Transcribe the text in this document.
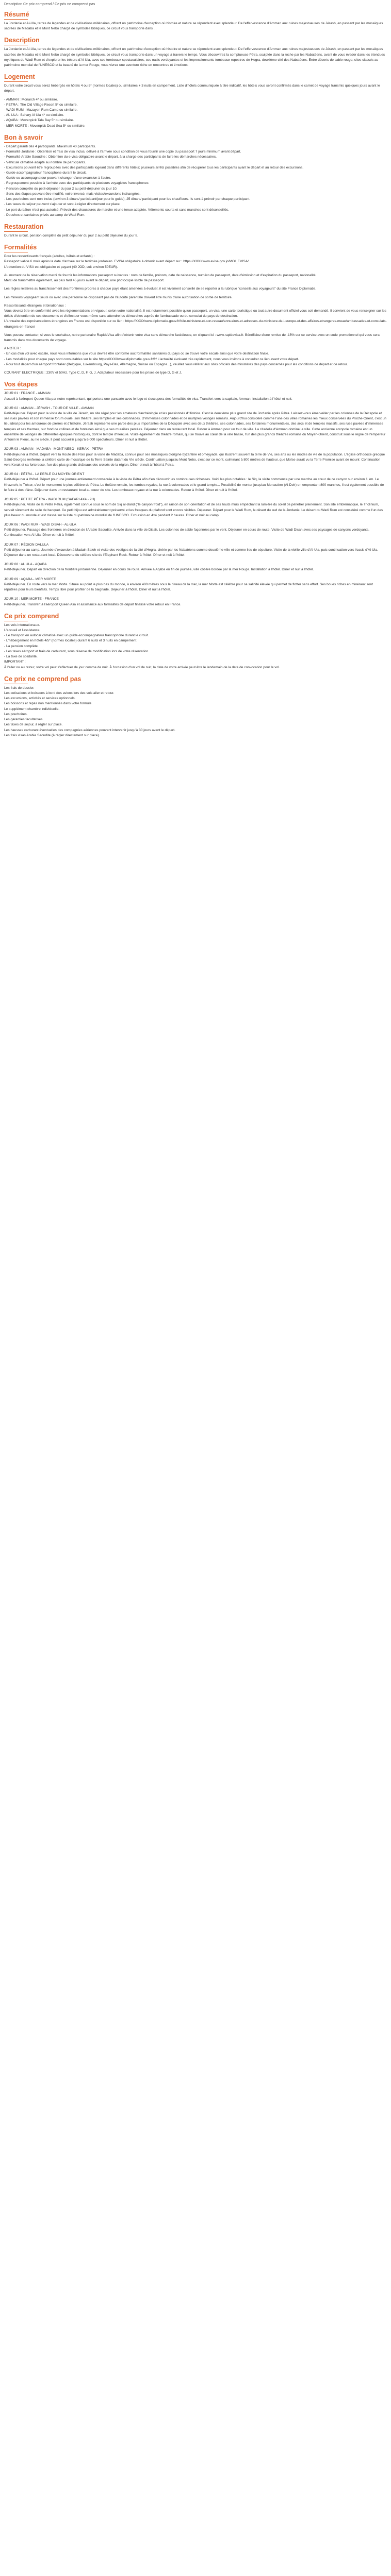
Description Ce prix comprend / Ce prix ne comprend pas
Résumé

La Jordanie et Al-Ula, terres de légendes et de civilisations millénaires, offrent un patrimoine d'exception où histoire et nature se répondent avec splendeur. De l'effervescence d'Amman aux ruines majestueuses de Jérash, en passant par les mosaïques sacrées de Madaba et le Mont Nebo chargé de symboles bibliques, ce circuit vous transporte dans ...

Description

La Jordanie et Al-Ula, terres de légendes et de civilisations millénaires, offrent un patrimoine d'exception où histoire et nature se répondent avec splendeur. De l'effervescence d'Amman aux ruines majestueuses de Jérash, en passant par les mosaïques sacrées de Madaba et le Mont Nebo chargé de symboles bibliques, ce circuit vous transporte dans un voyage à travers le temps. Vous découvrirez la somptueuse Pétra, sculptée dans la roche par les Nabatéens, avant de vous évader dans les étendues mythiques du Wadi Rum et d'explorer les trésors d'Al-Ula, avec ses tombeaux spectaculaires, ses oasis verdoyantes et les impressionnants tombeaux rupestres de Hegra, deuxième cité des Nabatéens. Entre déserts de sable rouge, sites classés au patrimoine mondial de l'UNESCO et la beauté de la mer Rouge, vous vivrez une aventure riche en rencontres et émotions.

Logement

Durant votre circuit vous serez hébergés en hôtels 4 ou 5* (normes locales) ou similaires + 3 nuits en campement. Liste d'hôtels communiquée à titre indicatif, les hôtels vous seront confirmés dans le carnet de voyage transmis quelques jours avant le départ.

- AMMAN : Monarch 4* ou similaire.
- PETRA : The Old Village Resort 5* ou similaire.
- WADI RUM : Mazayen Rum Camp ou similaire.
- AL ULA : Sahary Al Ula 4* ou similaire.
- AQABA : Movenpick Tala Bay 5* ou similaire.
- MER MORTE : Movenpick Dead Sea 5* ou similaire.
Bon à savoir
- Départ garanti dès 4 participants. Maximum 40 participants.
- Formalité Jordanie : Obtention et frais de visa inclus, délivré à l'arrivée sous condition de vous fournir une copie du passeport 7 jours minimum avant départ.
- Formalité Arabie Saoudite : Obtention du e-visa obligatoire avant le départ, à la charge des participants de faire les démarches nécessaires.
- Véhicule climatisé adapté au nombre de participants.
- Excursions pouvant être regroupées avec des participants logeant dans différents hôtels; plusieurs arrêts possibles afin de récupérer tous les participants avant le départ et au retour des excursions.
- Guide-accompagnateur francophone durant le circuit.
- Guide ou accompagnateur pouvant changer d'une excursion à l'autre.
- Regroupement possible à l'arrivée avec des participants de plusieurs voyagistes francophones
- Pension complète du petit-déjeuner du jour 2 au petit-déjeuner du jour 10.
- Sens des étapes pouvant être modifié, voire inversé, mais visites/excursions inchangées.
- Les pourboires sont non inclus (environ 3 dinars/ participant/jour pour le guide), 25 dinars/ participant pour les chauffeurs. Ils sont à prévoir par chaque participant.
- Les taxes de séjour peuvent s'ajouter et sont à régler directement sur place.
- Le port du bâton n'est pas autorisé. Prévoir des chaussures de marche et une tenue adaptée. Vêtements courts et sans manches sont déconseillés.
- Douches et sanitaires privés au camp de Wadi Rum.
Restauration

Durant le circuit, pension complète du petit déjeuner du jour 2 au petit déjeuner du jour 8.

Formalités

Pour les ressortissants français (adultes, bébés et enfants) :
Passeport valide 6 mois après la date d'arrivée sur le territoire jordanien. EVISA obligatoire à obtenir avant départ sur : https://XXXXwww.evisa.gov.jo/MOI_EVISA/
L'obtention du VISA est obligatoire et payant (40 JOD, soit environ 50EUR).

Au moment de la réservation merci de fournir les informations passeport suivantes : nom de famille, prénom, date de naissance, numéro de passeport, date d'émission et d'expiration du passeport, nationalité.
Merci de transmettre également, au plus tard 45 jours avant le départ, une photocopie lisible de passeport.

Les règles relatives au franchissement des frontières propres à chaque pays étant amenées à évoluer, il est vivement conseillé de se reporter à la rubrique "conseils aux voyageurs" du site France Diplomatie.

Les mineurs voyageant seuls ou avec une personne ne disposant pas de l'autorité parentale doivent être munis d'une autorisation de sortie de territoire.

Ressortissants étrangers et binationaux :
Vous devrez être en conformité avec les réglementations en vigueur, selon votre nationalité. Il est notamment possible qu'un passeport, un visa, une carte touristique ou tout autre document officiel vous soit demandé. Il convient de vous renseigner sur les délais d'obtention de ces documents et d'effectuer vous-même sans attendre les démarches auprès de l'ambassade ou du consulat du pays de destination.
L'annuaire des représentations étrangères en France est disponible sur ce lien : https://XXXXwww.diplomatie.gouv.fr/fr/le-ministere-et-son-reseau/annuaires-et-adresses-du-ministere-de-l-europe-et-des-affaires-etrangeres-meae/ambassades-et-consulats-etrangers-en-france/

Vous pouvez contacter, si vous le souhaitez, notre partenaire RapideVisa afin d'obtenir votre visa sans démarche fastidieuse, en cliquant ici : www.rapidevisa.fr. Bénéficiez d'une remise de -15% sur ce service avec un code promotionnel qui vous sera transmis dans vos documents de voyage.

A NOTER :
- En cas d'un vol avec escale, nous vous informons que vous devrez être conforme aux formalités sanitaires du pays où se trouve votre escale ainsi que votre destination finale.
- Les modalités pour chaque pays sont consultables sur le site https://XXXXwww.diplomatie.gouv.fr/fr/ L'actualité évoluant très rapidement, nous vous invitons à consulter ce lien avant votre départ.
- Pour tout départ d'un aéroport frontalier (Belgique, Luxembourg, Pays-Bas, Allemagne, Suisse ou Espagne...), veuillez vous référer aux sites officiels des ministères des pays concernés pour les conditions de départ et de retour.

COURANT ELECTRIQUE : 230V et 50Hz. Type C, D, F, G, J. Adaptateur nécessaire pour les prises de type D, G et J.

Vos étapes

JOUR 01 : FRANCE - AMMAN

Accueil à l'aéroport Queen Alia par notre représentant, qui portera une pancarte avec le logo et s'occupera des formalités de visa. Transfert vers la capitale, Amman. Installation à l'hôtel et nuit.

JOUR 02 : AMMAN - JÉRASH - TOUR DE VILLE - AMMAN

Petit-déjeuner. Départ pour la visite de la ville de Jérash, un site régal pour les amateurs d'archéologie et les passionnés d'Histoire. C'est le deuxième plus grand site de Jordanie après Pétra. Laissez-vous émerveiller par les colonnes de la Décapole et ses rues pavées et son immense forum ovale, son théâtre, ses temples et ses colonnades. D'immenses colonnades et de multiples vestiges romains. Aujourd'hui considéré comme l'une des villes romaines les mieux conservées du Proche-Orient, c'est un lieu idéal pour les amoureux de pierres et d'histoire. Jérash représente une partie des plus importantes de la Décapole avec ses deux théâtres, ses colonnades, ses fontaines monumentales, des arcs et de temples massifs, ses rues pavées d'immenses temples et ses thermes, sur fond de collines et de fontaines ainsi que ses murailles percées. Déjeuner dans un restaurant local. Retour à Amman pour un tour de ville. La citadelle d'Amman domine la ville. Cette ancienne acropole romaine est un ensemble de vestiges de différentes époques historiques, dont le temple d'Hercule. Visite également du théâtre romain, qui se trouve au cœur de la ville basse, l'un des plus grands théâtres romains du Moyen-Orient, construit sous le règne de l'empereur Antonin le Pieux, au IIe siècle. Il peut accueillir jusqu'à 6 000 spectateurs. Dîner et nuit à l'hôtel.

JOUR 03 : AMMAN - MADABA - MONT NEBO - KERAK - PETRA

Petit-déjeuner à l'hôtel. Départ vers la Route des Rois pour la visite de Madaba, connue pour ses mosaïques d'origine byzantine et omeyyade, qui illustrent souvent la terre de Vie, ses arts ou les modes de vie de la population. L'église orthodoxe grecque Saint-Georges renferme la célèbre carte de mosaïque de la Terre Sainte datant du VIe siècle. Continuation jusqu'au Mont Nebo, c'est sur ce mont, culminant à 800 mètres de hauteur, que Moïse aurait vu la Terre Promise avant de mourir. Continuation vers Kerak et sa forteresse, l'un des plus grands châteaux des croisés de la région. Dîner et nuit à l'hôtel à Petra.

JOUR 04 : PÉTRA - LA PERLE DU MOYEN ORIENT

Petit-déjeuner à l'hôtel. Départ pour une journée entièrement consacrée à la visite de Pétra afin d'en découvrir les nombreuses richesses. Voici les plus notables : le Siq, la visite commence par une marche au cœur de ce canyon sur environ 1 km. Le Khazneh, le Trésor, c'est le monument le plus célèbre de Pétra. Le théâtre romain, les tombes royales, la rue à colonnades et le grand temple... Possibilité de monter jusqu'au Monastère (Al-Deir) en empruntant 800 marches, il est également possible de le faire à dos d'âne. Déjeuner dans un restaurant local au cœur du site. Les tombeaux royaux et la rue à colonnades. Retour à l'hôtel. Dîner et nuit à l'hôtel.

JOUR 05 : PETITE PÉTRA - WADI RUM (SAFARI 4X4 - 2H)

Petit-déjeuner. Visite de la Petite Pétra, également connue sous le nom de Siq al-Barid ("le canyon froid"), en raison de son orientation et de ses hauts murs empêchant la lumière du soleil de pénétrer pleinement. Son site emblématique, le Triclinium, servait sûrement de salle de banquet. Ce petit bijou est admirablement préservé et les fresques du plafond sont encore visibles. Déjeuner. Départ pour le Wadi Rum, le désert du sud de la Jordanie. Le désert du Wadi Rum est considéré comme l'un des plus beaux du monde et est classé sur la liste du patrimoine mondial de l'UNESCO. Excursion en 4x4 pendant 2 heures. Dîner et nuit au camp.

JOUR 06 : WADI RUM - WADI DISAH - AL-ULA

Petit-déjeuner. Passage des frontières en direction de l'Arabie Saoudite. Arrivée dans la ville de Disah. Les colonnes de sable façonnées par le vent. Déjeuner en cours de route. Visite de Wadi Disah avec ses paysages de canyons verdoyants. Continuation vers Al-Ula. Dîner et nuit à l'hôtel.

JOUR 07 : RÉGION DALULA

Petit-déjeuner au camp. Journée d'excursion à Madain Saleh et visite des vestiges de la cité d'Hegra, chérie par les Nabatéens comme deuxième ville et comme lieu de sépulture. Visite de la vieille ville d'Al-Ula, puis continuation vers l'oasis d'Al-Ula. Déjeuner dans un restaurant local. Découverte du célèbre site de l'Elephant Rock. Retour à l'hôtel. Dîner et nuit à l'hôtel.

JOUR 08 : AL ULA - AQABA

Petit-déjeuner. Départ en direction de la frontière jordanienne. Déjeuner en cours de route. Arrivée à Aqaba en fin de journée, ville côtière bordée par la mer Rouge. Installation à l'hôtel. Dîner et nuit à l'hôtel.

JOUR 09 : AQABA - MER MORTE

Petit-déjeuner. En route vers la mer Morte. Située au point le plus bas du monde, à environ 400 mètres sous le niveau de la mer, la mer Morte est célèbre pour sa salinité élevée qui permet de flotter sans effort. Ses boues riches en minéraux sont réputées pour leurs bienfaits. Temps libre pour profiter de la baignade. Déjeuner à l'hôtel. Dîner et nuit à l'hôtel.

JOUR 10 : MER MORTE - FRANCE

Petit-déjeuner. Transfert à l'aéroport Queen Alia et assistance aux formalités de départ finalisé votre retour en France.

Ce prix comprend
Les vols internationaux.
L'accueil et l'assistance.
- Le transport en autocar climatisé avec un guide-accompagnateur francophone durant le circuit.
- L'hébergement en hôtels 4/5* (normes locales) durant 6 nuits et 3 nuits en campement.
- La pension complète.
- Les taxes aéroport et frais de carburant, sous réserve de modification lors de votre réservation.
- La taxe de solidarité.
IMPORTANT :
À l'aller ou au retour, votre vol peut s'effectuer de jour comme de nuit. À l'occasion d'un vol de nuit, la date de votre arrivée peut être le lendemain de la date de convocation pour le vol.
Ce prix ne comprend pas
Les frais de dossier.
Les cotisations et boissons à bord des avions lors des vols aller et retour.
Les excursions, activités et services optionnels.
Les boissons et repas non mentionnés dans votre formule.
Le supplément chambre individuelle.
Les pourboires.
Les garanties facultatives.
Les taxes de séjour, à régler sur place.
Les hausses carburant éventuelles des compagnies aériennes pouvant intervenir jusqu'à 30 jours avant le départ.
Les frais visas Arabie Saoudite (à régler directement sur place).
